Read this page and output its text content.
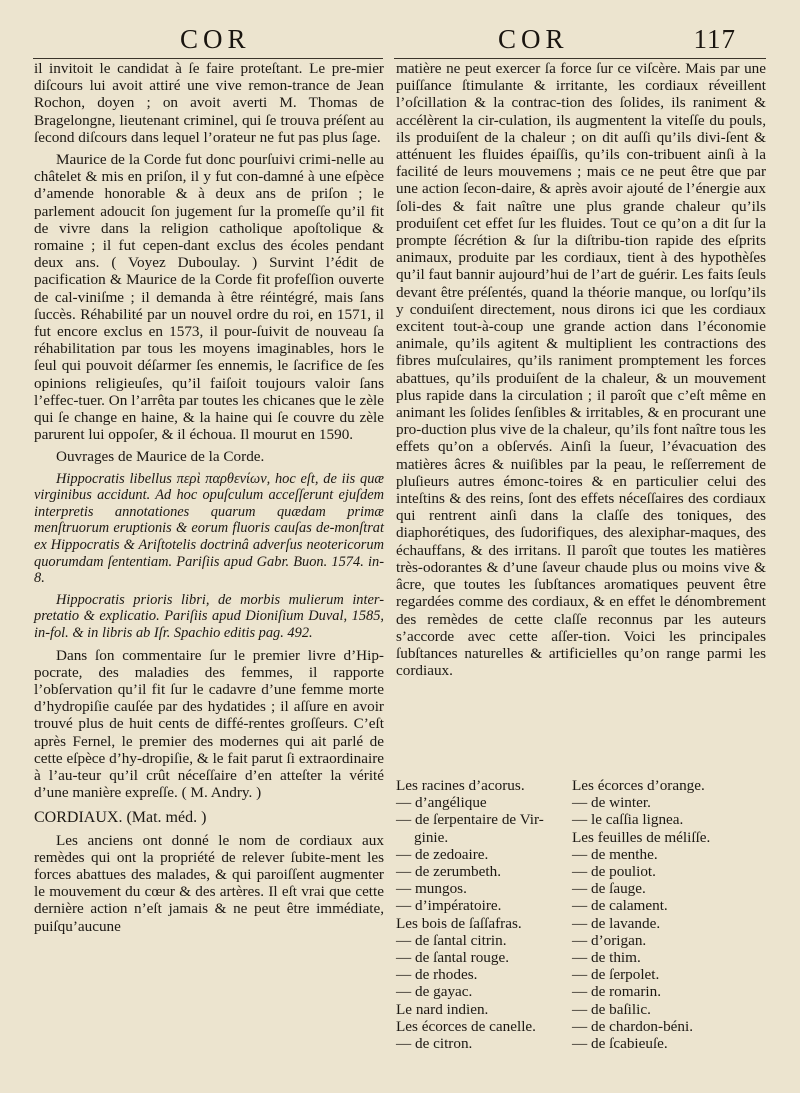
COR	COR	117

il invitoit le candidat à ſe faire proteſtant. Le pre-mier diſcours lui avoit attiré une vive remon-trance de Jean Rochon, doyen ; on avoit averti M. Thomas de Bragelongne, lieutenant criminel, qui ſe trouva préſent au ſecond diſcours dans lequel l’orateur ne fut pas plus ſage.

Maurice de la Corde fut donc pourſuivi crimi-nelle au châtelet & mis en priſon, il y fut con-damné à une eſpèce d’amende honorable & à deux ans de priſon ; le parlement adoucit ſon jugement ſur la promeſſe qu’il fit de vivre dans la religion catholique apoſtolique & romaine ; il fut cepen-dant exclus des écoles pendant deux ans. ( Voyez Duboulay. ) Survint l’édit de pacification & Maurice de la Corde fit profeſſion ouverte de cal-viniſme ; il demanda à être réintégré, mais ſans ſuccès. Réhabilité par un nouvel ordre du roi, en 1571, il fut encore exclus en 1573, il pour-ſuivit de nouveau ſa réhabilitation par tous les moyens imaginables, hors le ſeul qui pouvoit déſarmer ſes ennemis, le ſacrifice de ſes opinions religieuſes, qu’il faiſoit toujours valoir ſans l’effec-tuer. On l’arrêta par toutes les chicanes que le zèle qui ſe change en haine, & la haine qui ſe couvre du zèle parurent lui oppoſer, & il échoua. Il mourut en 1590.

Ouvrages de Maurice de la Corde.

Hippocratis libellus περὶ παρθενίων, hoc eſt, de iis quæ virginibus accidunt. Ad hoc opuſculum acceſſerunt ejuſdem interpretis annotationes quarum quædam primæ menſtruorum eruptionis & eorum fluoris cauſas de-monſtrat ex Hippocratis & Ariſtotelis doctrinâ adverſus neotericorum quorumdam ſententiam. Pariſiis apud Gabr. Buon. 1574. in-8.

Hippocratis prioris libri, de morbis mulierum inter-pretatio & explicatio. Pariſiis apud Dioniſium Duval, 1585, in-fol. & in libris ab Iſr. Spachio editis pag. 492.

Dans ſon commentaire ſur le premier livre d’Hip-pocrate, des maladies des femmes, il rapporte l’obſervation qu’il fit ſur le cadavre d’une femme morte d’hydropiſie cauſée par des hydatides ; il aſſure en avoir trouvé plus de huit cents de diffé-rentes groſſeurs. C’eſt après Fernel, le premier des modernes qui ait parlé de cette eſpèce d’hy-dropiſie, & le fait parut ſi extraordinaire à l’au-teur qu’il crût néceſſaire d’en atteſter la vérité d’une manière expreſſe. ( M. Andry. )

CORDIAUX. (Mat. méd. )

Les anciens ont donné le nom de cordiaux aux remèdes qui ont la propriété de relever ſubite-ment les forces abattues des malades, & qui paroiſſent augmenter le mouvement du cœur & des artères. Il eſt vrai que cette dernière action n’eſt jamais & ne peut être immédiate, puiſqu’aucune

matière ne peut exercer ſa force ſur ce viſcère. Mais par une puiſſance ſtimulante & irritante, les cordiaux réveillent l’oſcillation & la contrac-tion des ſolides, ils raniment & accélèrent la cir-culation, ils augmentent la viteſſe du pouls, ils produiſent de la chaleur ; on dit auſſi qu’ils divi-ſent & atténuent les fluides épaiſſis, qu’ils con-tribuent ainſi à la facilité de leurs mouvemens ; mais ce ne peut être que par une action ſecon-daire, & après avoir ajouté de l’énergie aux ſoli-des & fait naître une plus grande chaleur qu’ils produiſent cet effet ſur les fluides. Tout ce qu’on a dit ſur la prompte ſécrétion & ſur la diſtribu-tion rapide des eſprits animaux, produite par les cordiaux, tient à des hypothèſes qu’il faut bannir aujourd’hui de l’art de guérir. Les faits ſeuls devant être préſentés, quand la théorie manque, ou lorſqu’ils y conduiſent directement, nous dirons ici que les cordiaux excitent tout-à-coup une grande action dans l’économie animale, qu’ils agitent & multiplient les contractions des fibres muſculaires, qu’ils raniment promptement les forces abattues, qu’ils produiſent de la chaleur, & un mouvement plus rapide dans la circulation ; il paroît que c’eſt même en animant les ſolides ſenſibles & irritables, & en procurant une pro-duction plus vive de la chaleur, qu’ils font naître tous les effets qu’on a obſervés. Ainſi la ſueur, l’évacuation des matières âcres & nuiſibles par la peau, le reſſerrement de pluſieurs autres émonc-toires & en particulier celui des inteſtins & des reins, ſont des effets néceſſaires des cordiaux qui rentrent ainſi dans la claſſe des toniques, des diaphorétiques, des ſudorifiques, des alexiphar-maques, des échauffans, & des irritans. Il paroît que toutes les matières très-odorantes & d’une ſaveur chaude plus ou moins vive & âcre, que toutes les ſubſtances aromatiques peuvent être regardées comme des cordiaux, & en effet le dénombrement des remèdes de cette claſſe reconnus par les auteurs s’accorde avec cette aſſer-tion. Voici les principales ſubſtances naturelles & artificielles qu’on range parmi les cordiaux.

Les racines d’acorus.
— d’angélique
— de ſerpentaire de Vir-
ginie.
— de zedoaire.
— de zerumbeth.
— mungos.
— d’impératoire.
Les bois de ſaſſafras.
— de ſantal citrin.
— de ſantal rouge.
— de rhodes.
— de gayac.
Le nard indien.
Les écorces de canelle.
— de citron.
Les écorces d’orange.
— de winter.
— le caſſia lignea.
Les feuilles de méliſſe.
— de menthe.
— de pouliot.
— de ſauge.
— de calament.
— de lavande.
— d’origan.
— de thim.
— de ſerpolet.
— de romarin.
— de baſilic.
— de chardon-béni.
— de ſcabieuſe.
